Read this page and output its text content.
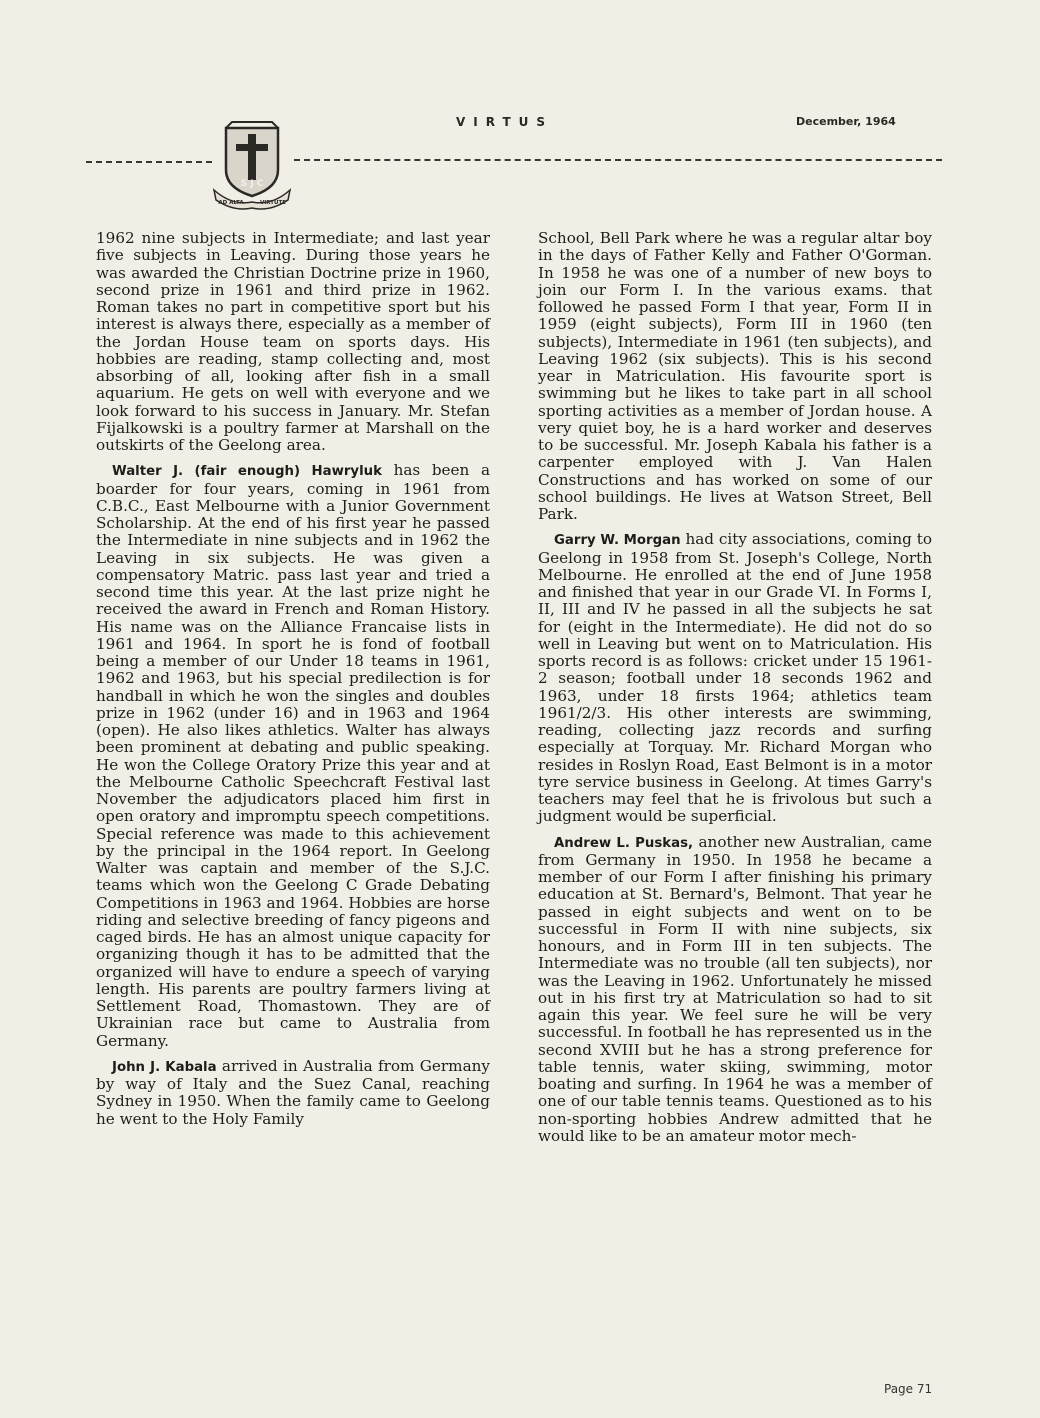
VIRTUS	December, 1964
S J C
AD ALTA	VIRTUTE

1962 nine subjects in Intermediate; and last year five subjects in Leaving. During those years he was awarded the Christian Doctrine prize in 1960, second prize in 1961 and third prize in 1962. Roman takes no part in competitive sport but his interest is always there, especially as a member of the Jordan House team on sports days. His hobbies are reading, stamp collecting and, most absorbing of all, looking after fish in a small aquarium. He gets on well with everyone and we look forward to his success in January. Mr. Stefan Fijalkowski is a poultry farmer at Marshall on the outskirts of the Geelong area.

Walter J. (fair enough) Hawryluk has been a boarder for four years, coming in 1961 from C.B.C., East Melbourne with a Junior Government Scholarship. At the end of his first year he passed the Intermediate in nine subjects and in 1962 the Leaving in six subjects. He was given a compensatory Matric. pass last year and tried a second time this year. At the last prize night he received the award in French and Roman History. His name was on the Alliance Francaise lists in 1961 and 1964. In sport he is fond of football being a member of our Under 18 teams in 1961, 1962 and 1963, but his special predilection is for handball in which he won the singles and doubles prize in 1962 (under 16) and in 1963 and 1964 (open). He also likes athletics. Walter has always been prominent at debating and public speaking. He won the College Oratory Prize this year and at the Melbourne Catholic Speechcraft Festival last November the adjudicators placed him first in open oratory and impromptu speech competitions. Special reference was made to this achievement by the principal in the 1964 report. In Geelong Walter was captain and member of the S.J.C. teams which won the Geelong C Grade Debating Competitions in 1963 and 1964. Hobbies are horse riding and selective breeding of fancy pigeons and caged birds. He has an almost unique capacity for organizing though it has to be admitted that the organized will have to endure a speech of varying length. His parents are poultry farmers living at Settlement Road, Thomastown. They are of Ukrainian race but came to Australia from Germany.

John J. Kabala arrived in Australia from Germany by way of Italy and the Suez Canal, reaching Sydney in 1950. When the family came to Geelong he went to the Holy Family

School, Bell Park where he was a regular altar boy in the days of Father Kelly and Father O'Gorman. In 1958 he was one of a number of new boys to join our Form I. In the various exams. that followed he passed Form I that year, Form II in 1959 (eight subjects), Form III in 1960 (ten subjects), Intermediate in 1961 (ten subjects), and Leaving 1962 (six subjects). This is his second year in Matriculation. His favourite sport is swimming but he likes to take part in all school sporting activities as a member of Jordan house. A very quiet boy, he is a hard worker and deserves to be successful. Mr. Joseph Kabala his father is a carpenter employed with J. Van Halen Constructions and has worked on some of our school buildings. He lives at Watson Street, Bell Park.

Garry W. Morgan had city associations, coming to Geelong in 1958 from St. Joseph's College, North Melbourne. He enrolled at the end of June 1958 and finished that year in our Grade VI. In Forms I, II, III and IV he passed in all the subjects he sat for (eight in the Intermediate). He did not do so well in Leaving but went on to Matriculation. His sports record is as follows: cricket under 15 1961-2 season; football under 18 seconds 1962 and 1963, under 18 firsts 1964; athletics team 1961/2/3. His other interests are swimming, reading, collecting jazz records and surfing especially at Torquay. Mr. Richard Morgan who resides in Roslyn Road, East Belmont is in a motor tyre service business in Geelong. At times Garry's teachers may feel that he is frivolous but such a judgment would be superficial.

Andrew L. Puskas, another new Australian, came from Germany in 1950. In 1958 he became a member of our Form I after finishing his primary education at St. Bernard's, Belmont. That year he passed in eight subjects and went on to be successful in Form II with nine subjects, six honours, and in Form III in ten subjects. The Intermediate was no trouble (all ten subjects), nor was the Leaving in 1962. Unfortunately he missed out in his first try at Matriculation so had to sit again this year. We feel sure he will be very successful. In football he has represented us in the second XVIII but he has a strong preference for table tennis, water skiing, swimming, motor boating and surfing. In 1964 he was a member of one of our table tennis teams. Questioned as to his non-sporting hobbies Andrew admitted that he would like to be an amateur motor mech-

Page 71
